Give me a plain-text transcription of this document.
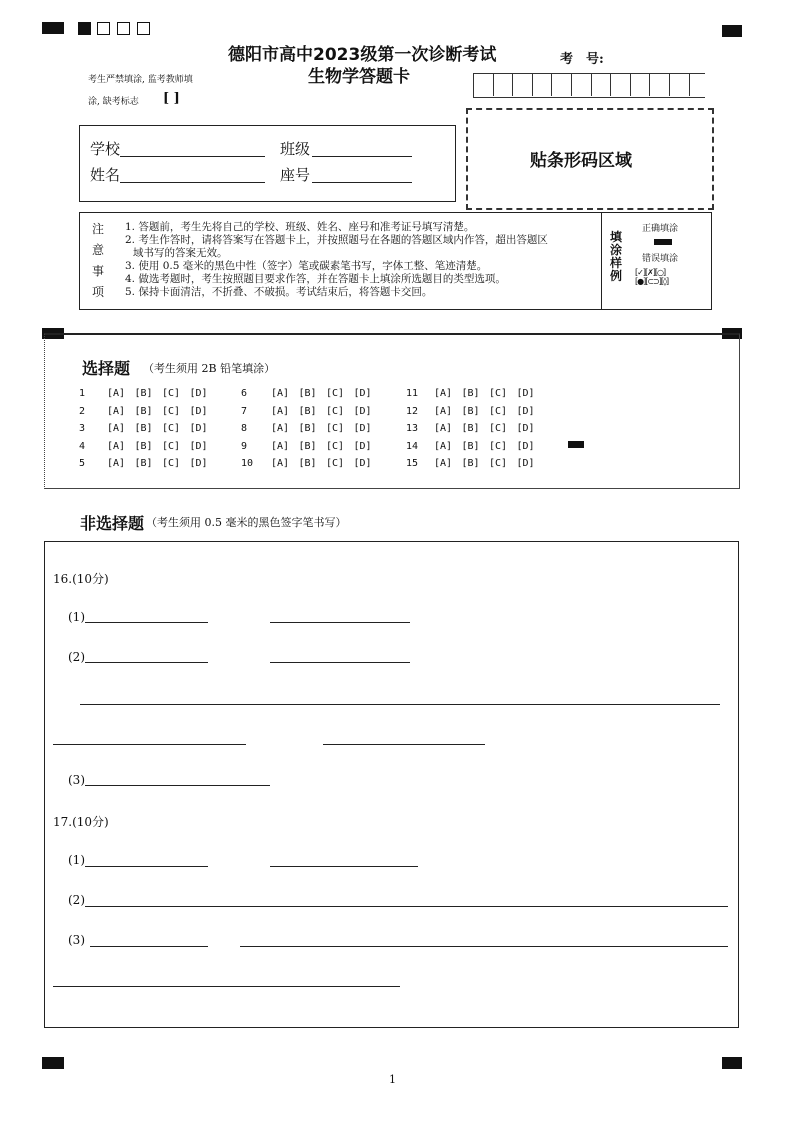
德阳市高中2023级第一次诊断考试
生物学答题卡
考　号:
考生严禁填涂, 监考教师填
涂, 缺考标志 [ ]
学校	班级
姓名	座号
贴条形码区域
注
意
事
项
1. 答题前，考生先将自己的学校、班级、姓名、座号和准考证号填写清楚。
2. 考生作答时，请将答案写在答题卡上，并按照题号在各题的答题区域内作答，超出答题区
域书写的答案无效。
3. 使用 0.5 毫米的黑色中性（签字）笔或碳素笔书写，字体工整、笔迹清楚。
4. 做选考题时，考生按照题目要求作答，并在答题卡上填涂所选题目的类型选项。
5. 保持卡面清洁，不折叠、不破损。考试结束后，将答题卡交回。
填
涂
样
例
正确填涂
错误填涂
[✓][✗][○]
[●][⊂⊃][◊]
选择题 （考生须用 2B 铅笔填涂）
1 [A] [B] [C] [D]
2 [A] [B] [C] [D]
3 [A] [B] [C] [D]
4 [A] [B] [C] [D]
5 [A] [B] [C] [D]
6 [A] [B] [C] [D]
7 [A] [B] [C] [D]
8 [A] [B] [C] [D]
9 [A] [B] [C] [D]
10 [A] [B] [C] [D]
11 [A] [B] [C] [D]
12 [A] [B] [C] [D]
13 [A] [B] [C] [D]
14 [A] [B] [C] [D]
15 [A] [B] [C] [D]
非选择题 （考生须用 0.5 毫米的黑色签字笔书写）
16.(10分)
(1)
(2)
(3)
17.(10分)
(1)
(2)
(3)
1
